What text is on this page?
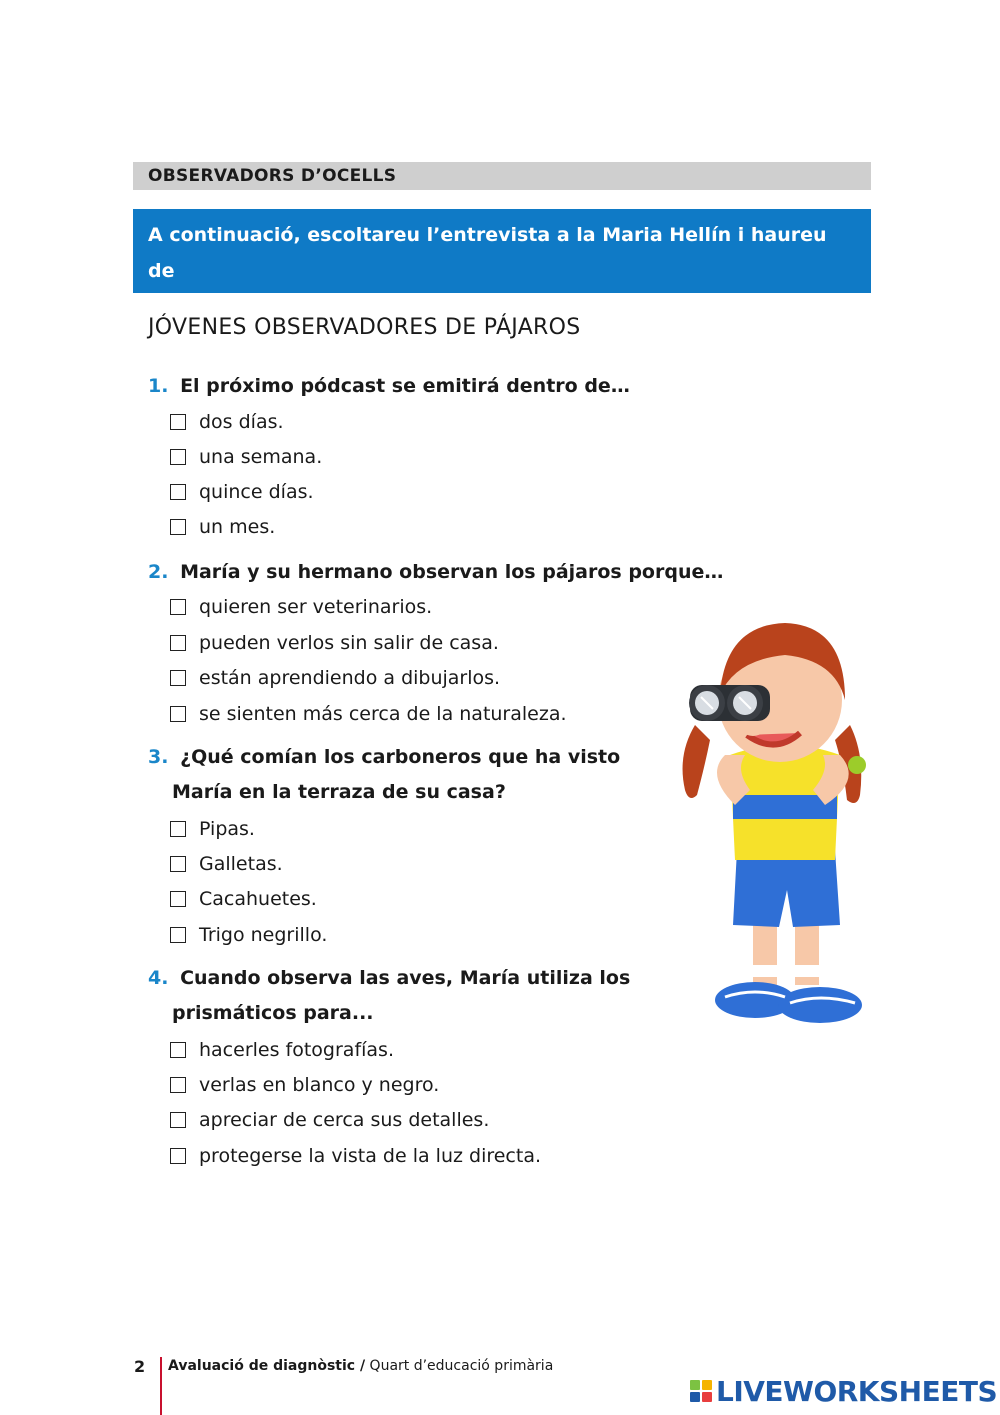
OBSERVADORS D’OCELLS
A continuació, escoltareu l’entrevista a la Maria Hellín i haureu de
respondre unes preguntes sobre el que heu sentit.
JÓVENES OBSERVADORES DE PÁJAROS
1. El próximo pódcast se emitirá dentro de…
dos días.
una semana.
quince días.
un mes.
2. María y su hermano observan los pájaros porque…
quieren ser veterinarios.
pueden verlos sin salir de casa.
están aprendiendo a dibujarlos.
se sienten más cerca de la naturaleza.
3. ¿Qué comían los carboneros que ha visto
María en la terraza de su casa?
Pipas.
Galletas.
Cacahuetes.
Trigo negrillo.
4. Cuando observa las aves, María utiliza los
prismáticos para...
hacerles fotografías.
verlas en blanco y negro.
apreciar de cerca sus detalles.
protegerse la vista de la luz directa.
2 Avaluació de diagnòstic / Quart d’educació primària
LIVEWORKSHEETS
